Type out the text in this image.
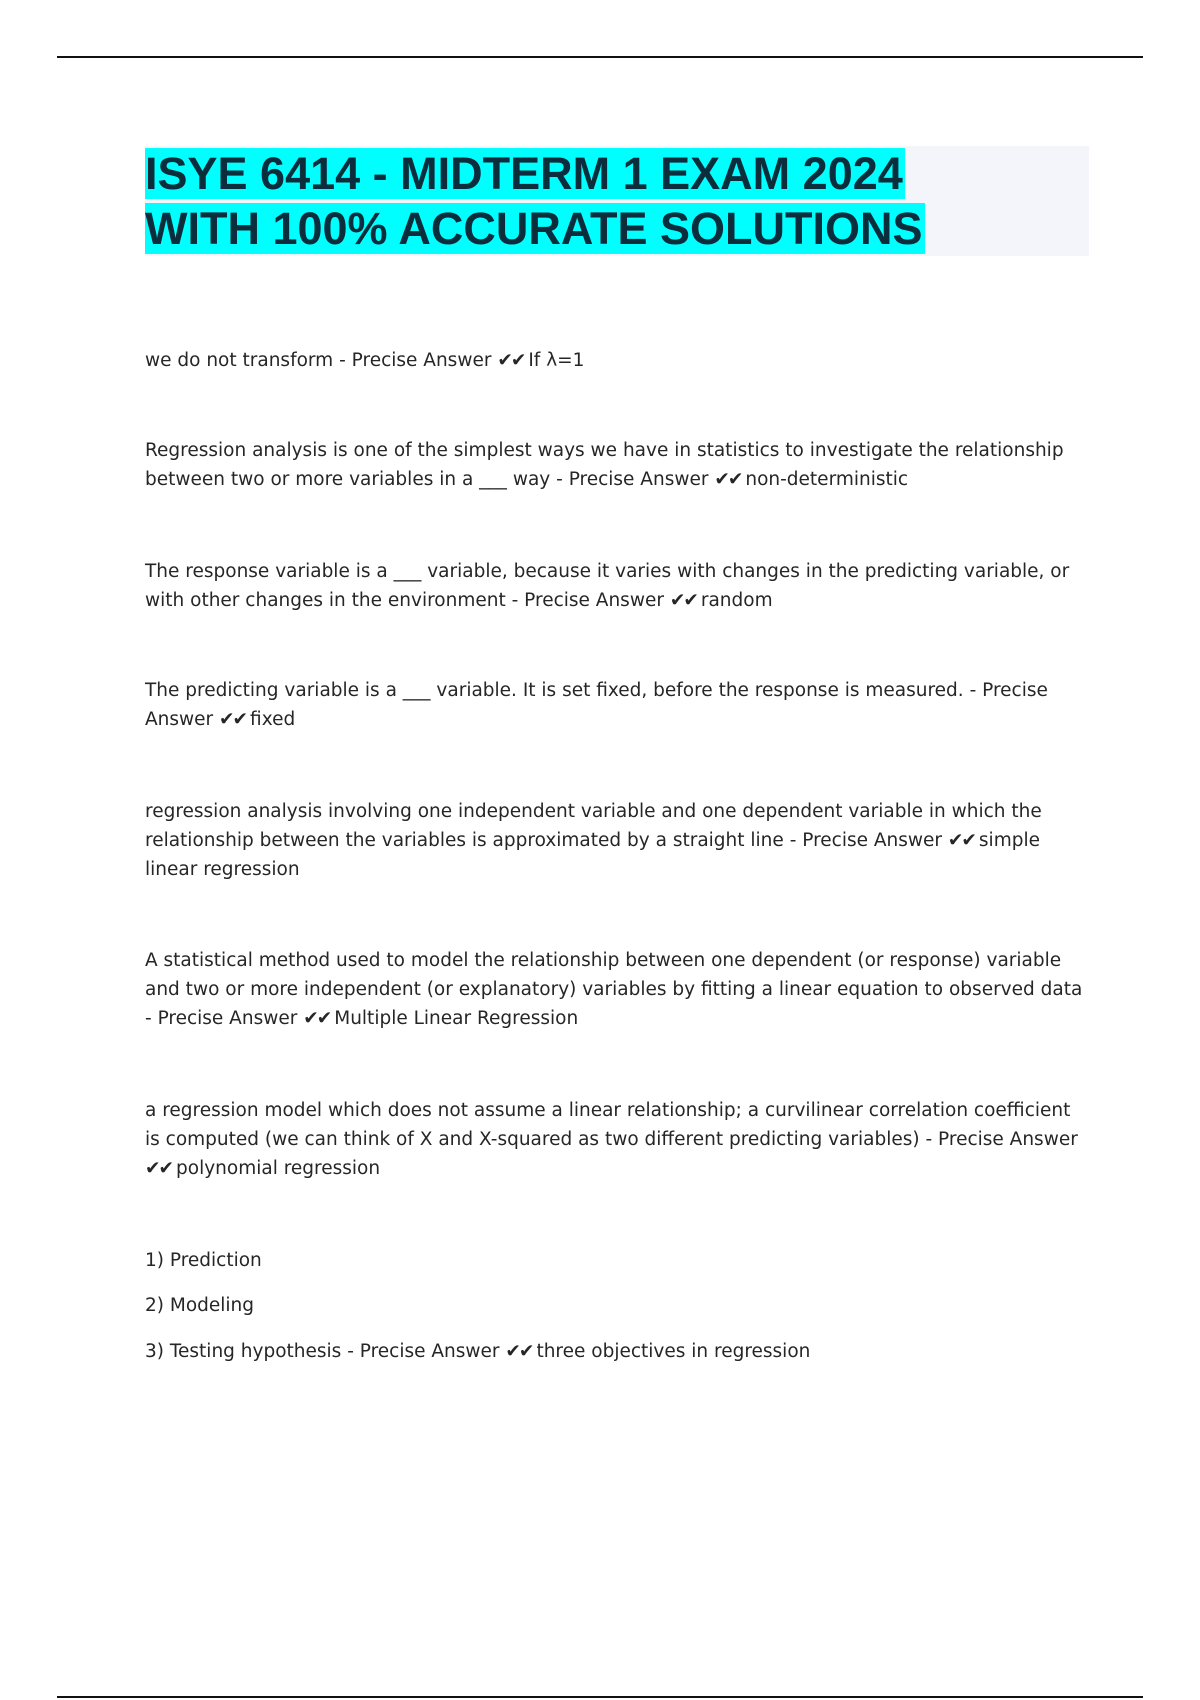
ISYE 6414 - MIDTERM 1 EXAM 2024
WITH 100% ACCURATE SOLUTIONS

we do not transform - Precise Answer ✔✔ If λ=1

Regression analysis is one of the simplest ways we have in statistics to investigate the relationship between two or more variables in a ___ way - Precise Answer ✔✔ non-deterministic

The response variable is a ___ variable, because it varies with changes in the predicting variable, or with other changes in the environment - Precise Answer ✔✔ random

The predicting variable is a ___ variable. It is set fixed, before the response is measured. - Precise Answer ✔✔ fixed

regression analysis involving one independent variable and one dependent variable in which the relationship between the variables is approximated by a straight line - Precise Answer ✔✔ simple linear regression

A statistical method used to model the relationship between one dependent (or response) variable and two or more independent (or explanatory) variables by fitting a linear equation to observed data - Precise Answer ✔✔ Multiple Linear Regression

a regression model which does not assume a linear relationship; a curvilinear correlation coefficient is computed (we can think of X and X-squared as two different predicting variables) - Precise Answer ✔✔ polynomial regression

1) Prediction

2) Modeling

3) Testing hypothesis - Precise Answer ✔✔ three objectives in regression
